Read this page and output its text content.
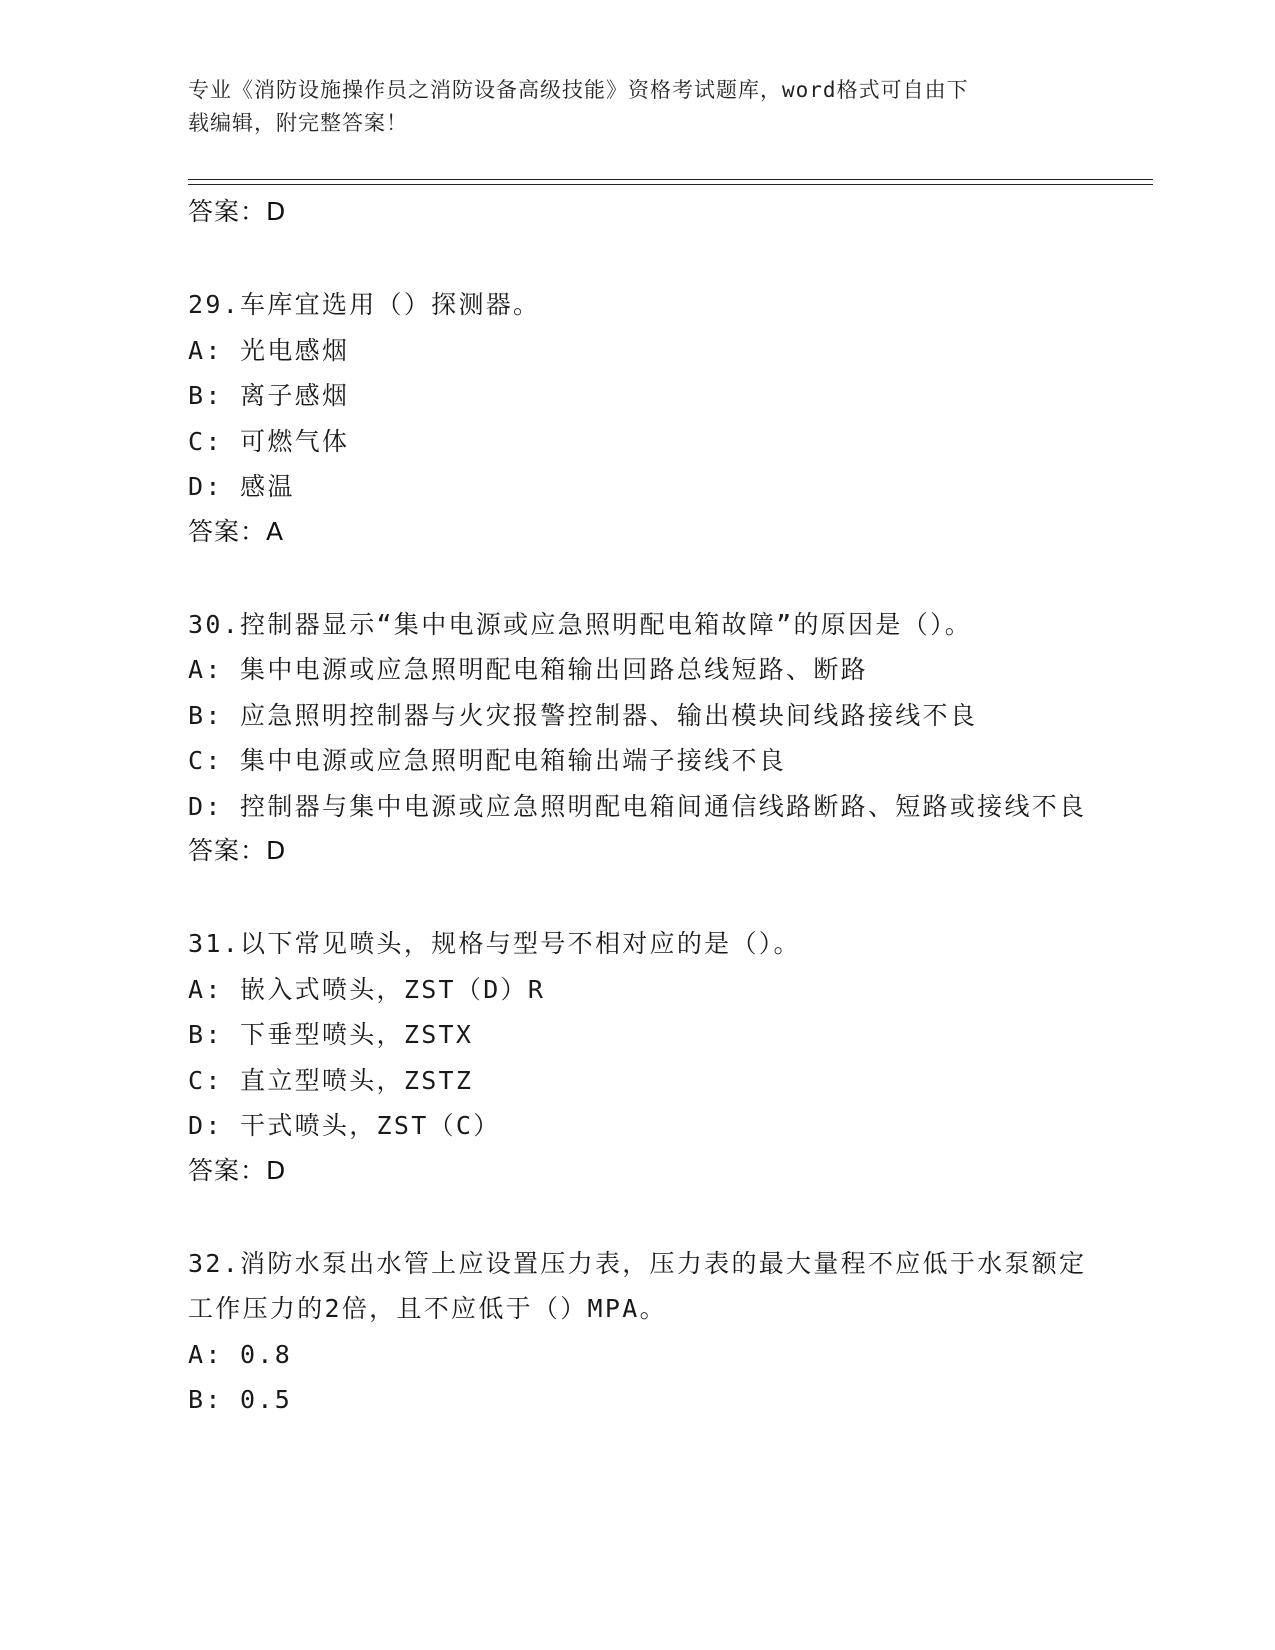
专业《消防设施操作员之消防设备高级技能》资格考试题库，word格式可自由下
载编辑，附完整答案！
答案：D
29.车库宜选用（）探测器。
A: 光电感烟
B: 离子感烟
C: 可燃气体
D: 感温
答案：A
30.控制器显示“集中电源或应急照明配电箱故障”的原因是（）。
A: 集中电源或应急照明配电箱输出回路总线短路、断路
B: 应急照明控制器与火灾报警控制器、输出模块间线路接线不良
C: 集中电源或应急照明配电箱输出端子接线不良
D: 控制器与集中电源或应急照明配电箱间通信线路断路、短路或接线不良
答案：D
31.以下常见喷头，规格与型号不相对应的是（）。
A: 嵌入式喷头，ZST（D）R
B: 下垂型喷头，ZSTX
C: 直立型喷头，ZSTZ
D: 干式喷头，ZST（C）
答案：D
32.消防水泵出水管上应设置压力表，压力表的最大量程不应低于水泵额定工作压力的2倍，且不应低于（）MPA。
A: 0.8
B: 0.5
